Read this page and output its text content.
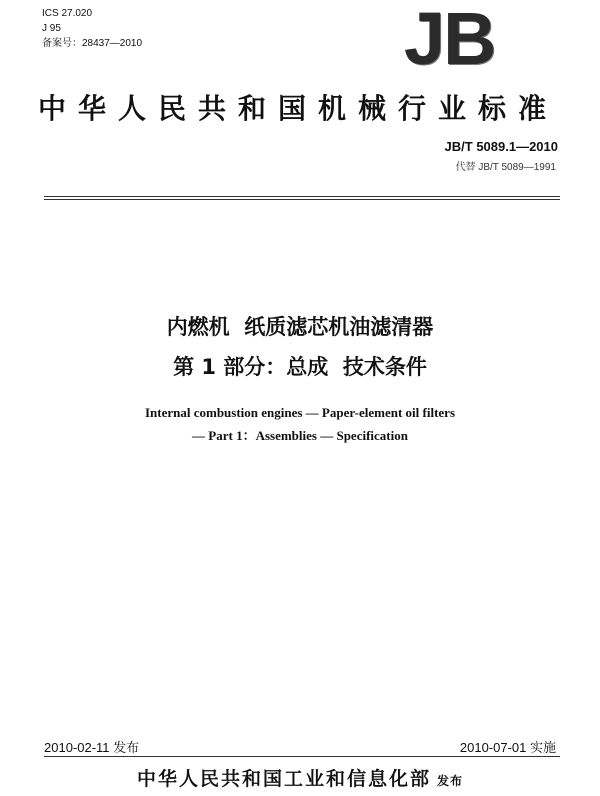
ICS 27.020
J 95
备案号：28437—2010	JB
中华人民共和国机械行业标准
JB/T 5089.1—2010
代替 JB/T 5089—1991
内燃机  纸质滤芯机油滤清器
第 1 部分：总成  技术条件
Internal combustion engines — Paper-element oil filters
— Part 1：Assemblies — Specification
2010-02-11 发布	2010-07-01 实施
中华人民共和国工业和信息化部 发布
